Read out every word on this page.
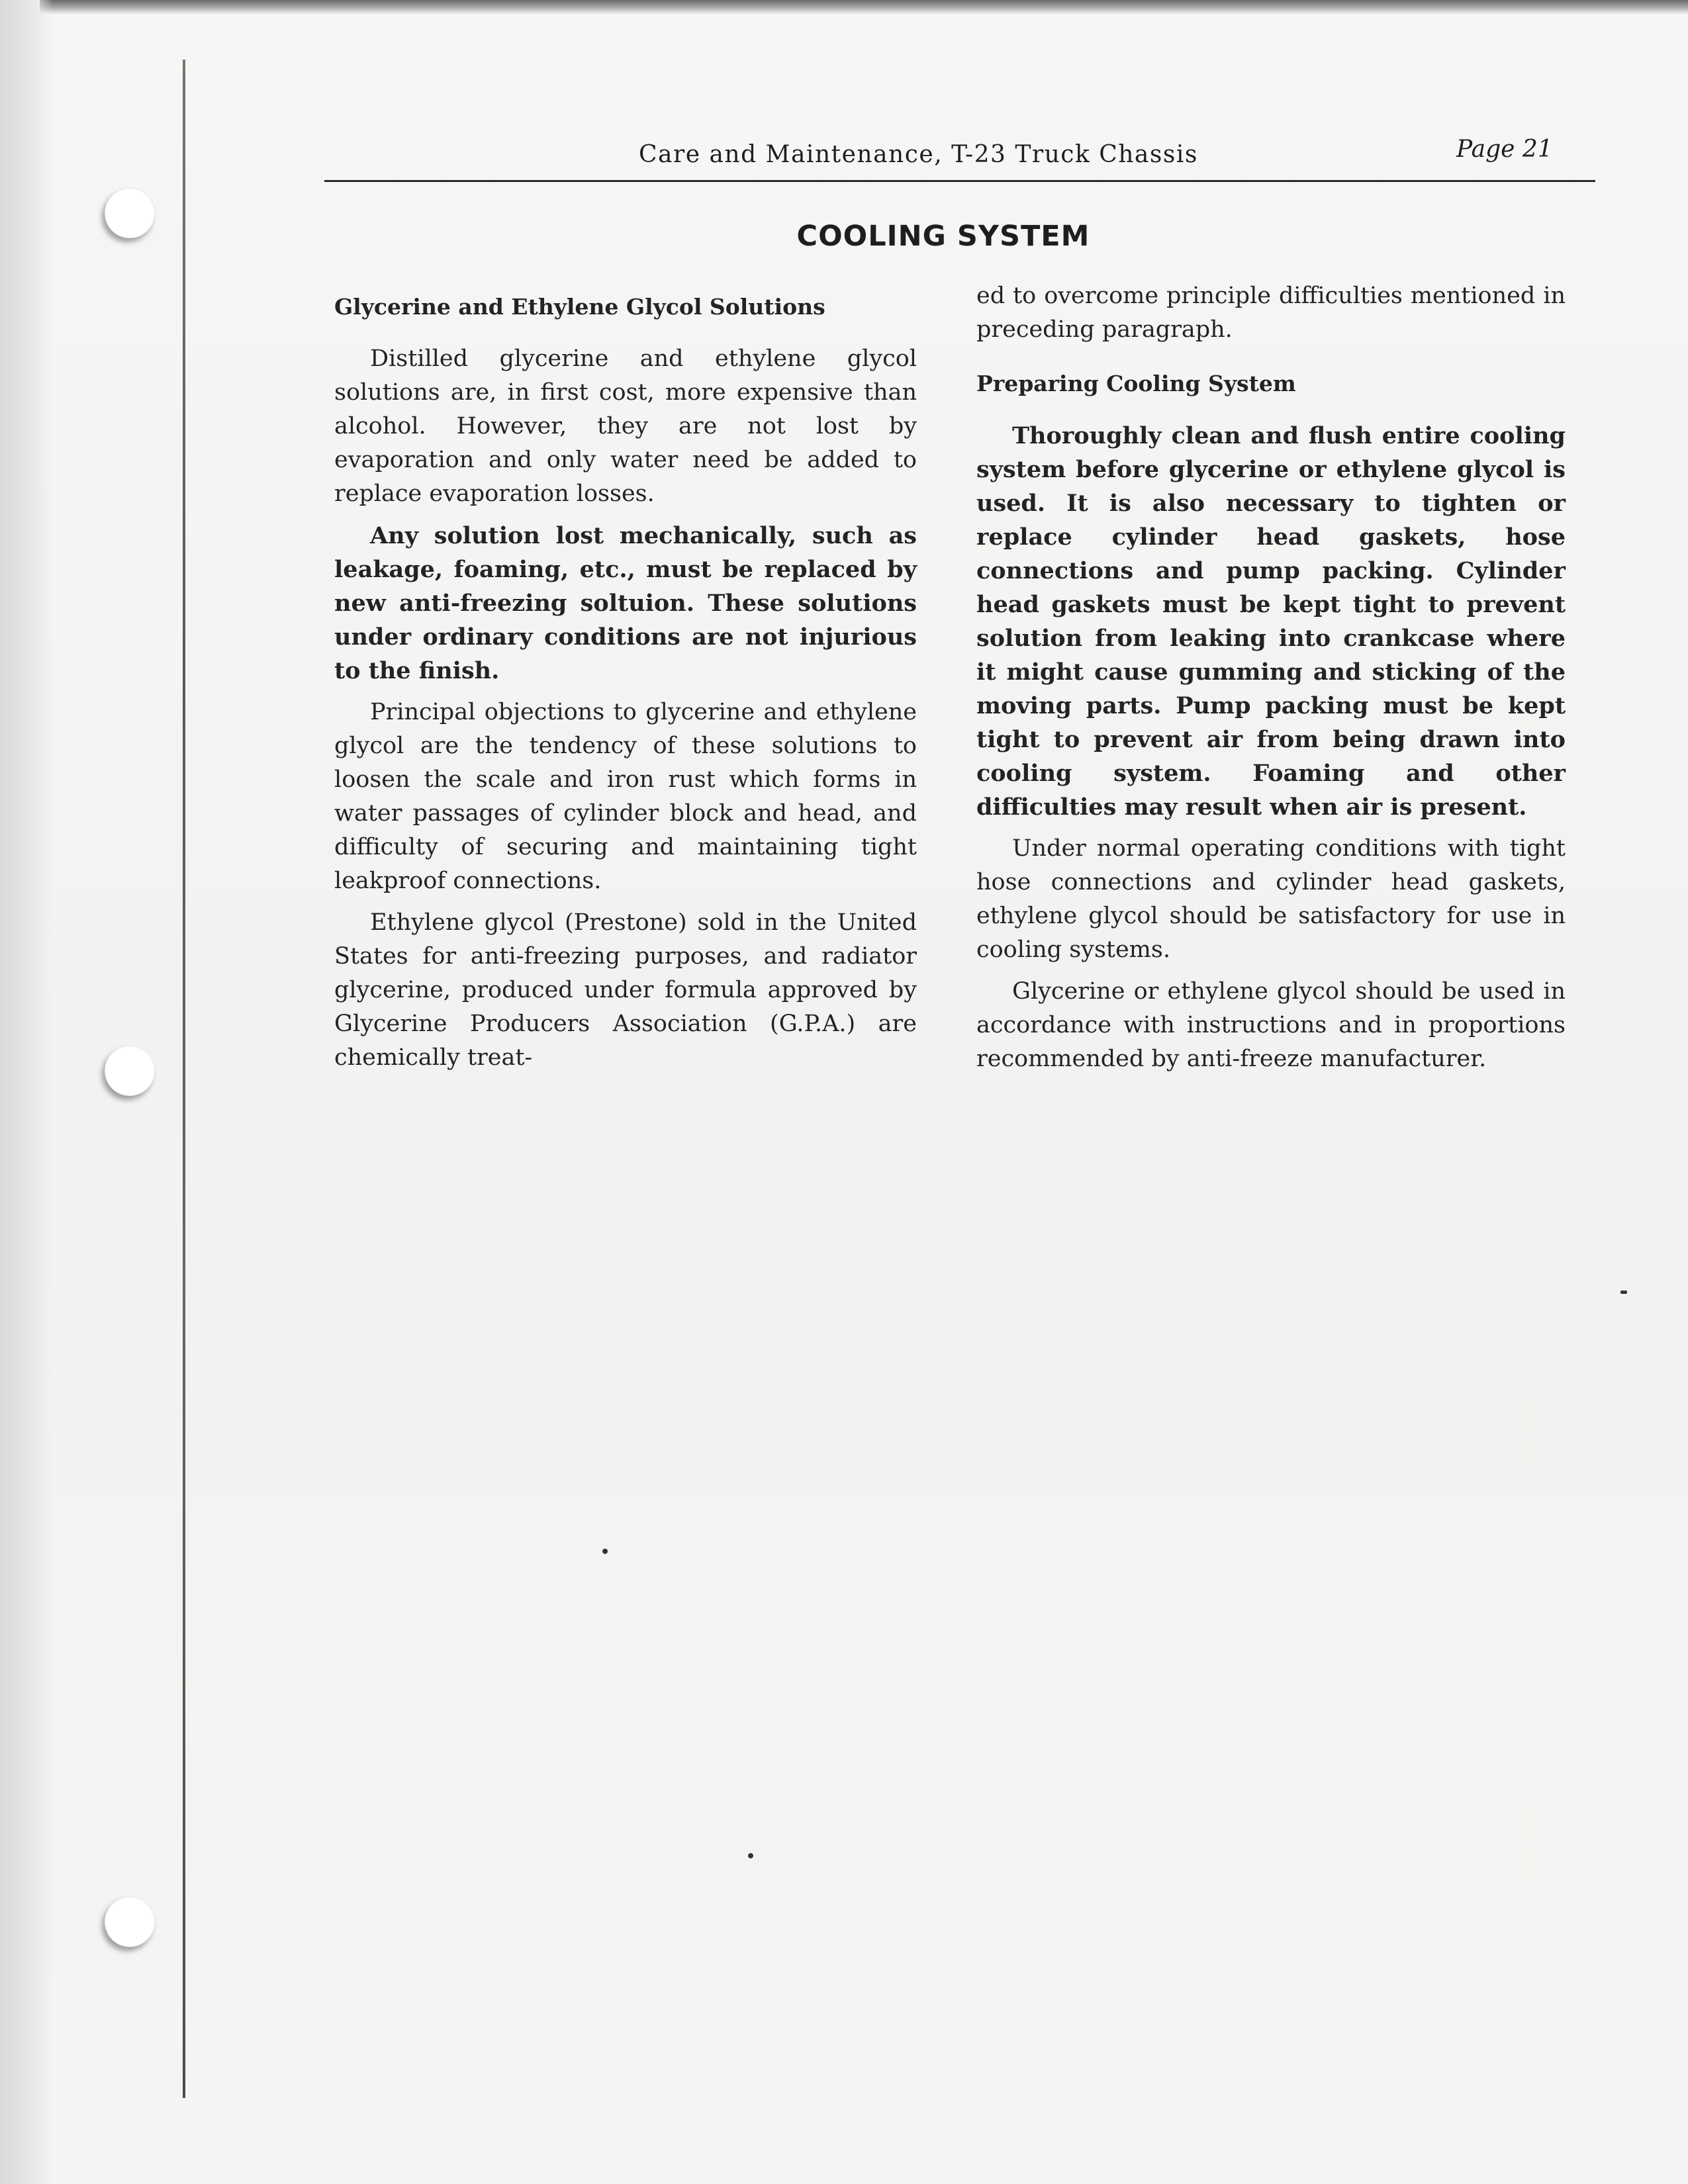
Care and Maintenance, T-23 Truck Chassis	Page 21
COOLING SYSTEM
Glycerine and Ethylene Glycol Solutions

Distilled glycerine and ethylene glycol solutions are, in first cost, more expensive than alcohol. However, they are not lost by evaporation and only water need be added to replace evaporation losses.

Any solution lost mechanically, such as leakage, foaming, etc., must be replaced by new anti-freezing soltuion. These solutions under ordinary conditions are not injurious to the finish.

Principal objections to glycerine and ethylene glycol are the tendency of these solutions to loosen the scale and iron rust which forms in water passages of cylinder block and head, and difficulty of securing and maintaining tight leakproof connections.

Ethylene glycol (Prestone) sold in the United States for anti-freezing purposes, and radiator glycerine, produced under formula approved by Glycerine Producers Association (G.P.A.) are chemically treat-

ed to overcome principle difficulties mentioned in preceding paragraph.

Preparing Cooling System

Thoroughly clean and flush entire cooling system before glycerine or ethylene glycol is used. It is also necessary to tighten or replace cylinder head gaskets, hose connections and pump packing. Cylinder head gaskets must be kept tight to prevent solution from leaking into crankcase where it might cause gumming and sticking of the moving parts. Pump packing must be kept tight to prevent air from being drawn into cooling system. Foaming and other difficulties may result when air is present.

Under normal operating conditions with tight hose connections and cylinder head gaskets, ethylene glycol should be satisfactory for use in cooling systems.

Glycerine or ethylene glycol should be used in accordance with instructions and in proportions recommended by anti-freeze manufacturer.
